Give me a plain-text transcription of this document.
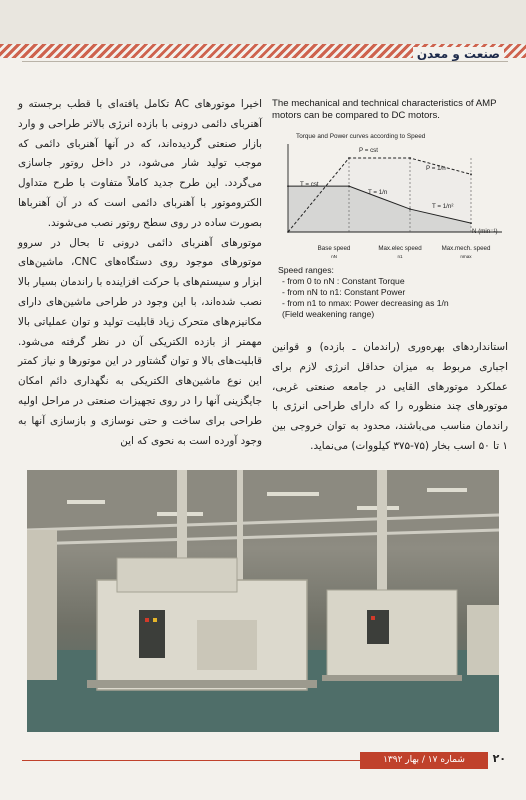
صنعت و معدن

اخیرا موتورهای AC تکامل یافته‌ای با قطب برجسته و آهنربای دائمی درونی با بازده انرژی بالاتر طراحی و وارد بازار صنعتی گردیده‌اند، که در آنها آهنربای دائمی که موجب تولید شار می‌شود، در داخل روتور جاسازی می‌گردد. این طرح جدید کاملاً متفاوت با طرح متداول الکتروموتور با آهنربای دائمی است که در آن آهنربا‌ها بصورت ساده در روی سطح روتور نصب می‌شوند.

موتورهای آهنربای دائمی درونی تا بحال در سروو موتورهای موجود روی دستگاه‌های CNC، ماشین‌های ابزار و سیستم‌های با حرکت افزاینده با راندمان بسیار بالا نصب شده‌اند، با این وجود در طراحی ماشین‌های دارای مکانیزم‌های متحرک زیاد قابلیت تولید و توان عملیاتی بالا مهمتر از بازده الکتریکی آن در نظر گرفته می‌شود. قابلیت‌های بالا و توان گشتاور در این موتورها و نیاز کمتر این نوع ماشین‌های الکتریکی به نگهداری دائم امکان جایگزینی آنها را در روی تجهیزات صنعتی در مراحل اولیه طراحی برای ساخت و حتی نوسازی و بازسازی آنها به وجود آورده است به نحوی که این

The mechanical and technical characteristics of AMP motors can be compared to DC motors.
Torque and Power curves according to Speed
N (min⁻¹)
Base speed
nN
Max.elec speed
n1
Max.mech. speed
nmax
T = cst
P = cst
P = 1/n
T = 1/n
T = 1/n²
Speed ranges:
- from 0 to nN : Constant Torque
- from nN to n1: Constant Power
- from n1 to nmax: Power decreasing as 1/n
(Field weakening range)

استانداردهای بهره‌وری (راندمان ـ بازده) و قوانین اجباری مربوط به میزان حداقل انرژی لازم برای عملکرد موتورهای القایی در جامعه صنعتی غربی، موتورهای چند منظوره را که دارای طراحی انرژی با راندمان مناسب می‌باشند، محدود به توان خروجی بین ۱ تا ۵۰ اسب بخار (۷۵-۳۷۵ کیلووات) می‌نماید.

شماره ۱۷ / بهار ۱۳۹۲	۲۰
